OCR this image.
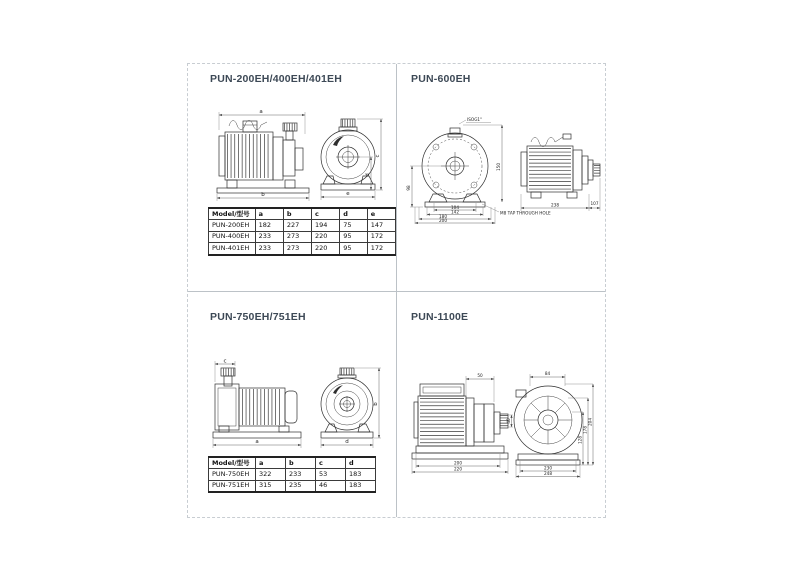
PUN-200EH/400EH/401EH
a
b
c
d
e
Model/型号	a	b	c	d	e
PUN-200EH	182	227	194	75	147
PUN-400EH	233	273	220	95	172
PUN-401EH	233	273	220	95	172
PUN-600EH
ISOG1"
98
104
142
180
200
150
M8 TAP THROUGH HOLE
238	107
PUN-750EH/751EH
c
a
b
d
Model/型号	a	b	c	d
PUN-750EH	322	233	53	183
PUN-751EH	315	235	46	183
PUN-1100E
50
40
200
220
84
128
178
204
230
248
